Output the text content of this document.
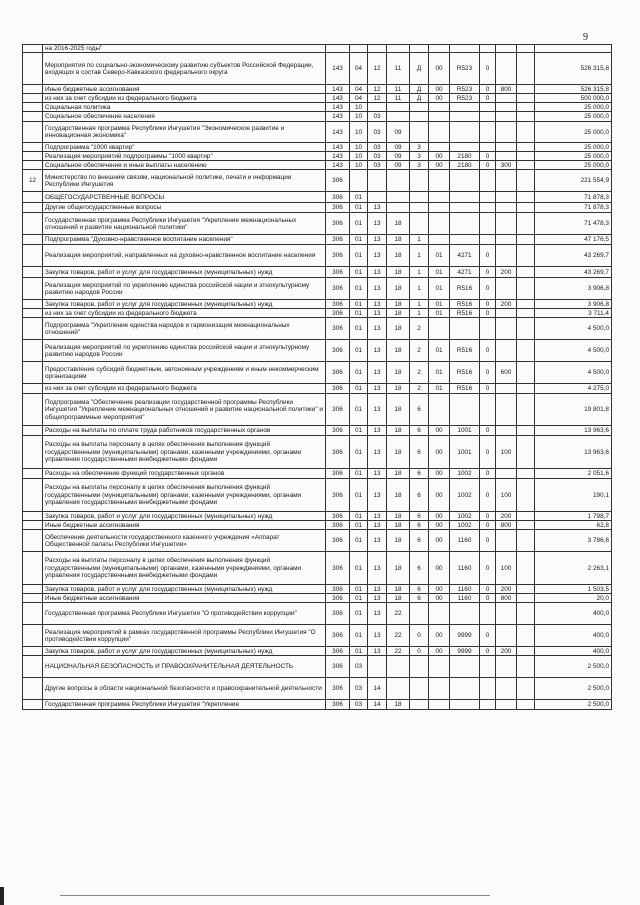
9
	на 2016-2025 годы"											
	Мероприятия по социально-экономическому развитию субъектов Российской Федерации, входящих в состав Северо-Кавказского федерального округа	143	04	12	11	Д	00	R523	0			526 315,8
	Иные бюджетные ассигнования	143	04	12	11	Д	00	R523	0	800		526 315,8
	из них за счет субсидии из федерального бюджета	143	04	12	11	Д	00	R523	0			500 000,0
	Социальная политика	143	10									25 000,0
	Социальное обеспечение населения	143	10	03								25 000,0
	Государственная программа Республики Ингушетия "Экономическое развитие и инновационная экономика"	143	10	03	09							25 000,0
	Подпрограмма "1000 квартир"	143	10	03	09	3						25 000,0
	Реализация мероприятий подпрограммы "1000 квартир"	143	10	03	09	3	00	2180	0			25 000,0
	Социальное обеспечение и иные выплаты населению	143	10	03	09	3	00	2180	0	300		25 000,0
12	Министерство по внешним связям, национальной политике, печати и информации Республики Ингушетия	306										221 554,9
	ОБЩЕГОСУДАРСТВЕННЫЕ ВОПРОСЫ	306	01									71 878,3
	Другие общегосударственные вопросы	306	01	13								71 878,3
	Государственная программа Республики Ингушетия "Укрепление межнациональных отношений и развитие национальной политики"	306	01	13	18							71 478,3
	Подпрограмма "Духовно-нравственное воспитание населения"	306	01	13	18	1						47 176,5
	Реализация мероприятий, направленных на духовно-нравственное воспитание населения	306	01	13	18	1	01	4271	0			43 269,7
	Закупка товаров, работ и услуг для государственных (муниципальных) нужд	306	01	13	18	1	01	4271	0	200		43 269,7
	Реализация мероприятий по укреплению единства российской нации и этнокультурному развитию народов России	306	01	13	18	1	01	R516	0			3 906,8
	Закупка товаров, работ и услуг для государственных (муниципальных) нужд	306	01	13	18	1	01	R516	0	200		3 906,8
	из них за счет субсидии из федерального бюджета	306	01	13	18	1	01	R516	0			3 711,4
	Подпрограмма "Укрепление единства народов и гармонизация межнациональных отношений"	306	01	13	18	2						4 500,0
	Реализация мероприятий по укреплению единства российской нации и этнокультурному развитию народов России	306	01	13	18	2	01	R516	0			4 500,0
	Предоставление субсидий бюджетным, автономным учреждениям и иным некоммерческим организациям	306	01	13	18	2	01	R516	0	600		4 500,0
	из них за счет субсидии из федерального бюджета	306	01	13	18	2	01	R516	0			4 275,0
	Подпрограмма "Обеспечение реализации государственной программы Республики Ингушетия "Укрепление межнациональных отношений и развитие национальной политики" и общепрограммные мероприятия"	306	01	13	18	6						19 801,8
	Расходы на выплаты по оплате труда работников государственных органов	306	01	13	18	6	00	1001	0			13 963,6
	Расходы на выплаты персоналу в целях обеспечения выполнения функций государственными (муниципальными) органами, казенными учреждениями, органами управления государственными внебюджетными фондами	306	01	13	18	6	00	1001	0	100		13 963,6
	Расходы на обеспечение функций государственных органов	306	01	13	18	6	00	1002	0			2 051,6
	Расходы на выплаты персоналу в целях обеспечения выполнения функций государственными (муниципальными) органами, казенными учреждениями, органами управления государственными внебюджетными фондами	306	01	13	18	6	00	1002	0	100		190,1
	Закупка товаров, работ и услуг для государственных (муниципальных) нужд	306	01	13	18	6	00	1002	0	200		1 798,7
	Иные бюджетные ассигнования	306	01	13	18	6	00	1002	0	800		62,8
	Обеспечение деятельности государственного казенного учреждения «Аппарат Общественной палаты Республики Ингушетия»	306	01	13	18	6	00	1160	0			3 786,6
	Расходы на выплаты персоналу в целях обеспечения выполнения функций государственными (муниципальными) органами, казенными учреждениями, органами управления государственными внебюджетными фондами	306	01	13	18	6	00	1160	0	100		2 263,1
	Закупка товаров, работ и услуг для государственных (муниципальных) нужд	306	01	13	18	6	00	1160	0	200		1 503,5
	Иные бюджетные ассигнования	306	01	13	18	6	00	1160	0	800		20,0
	Государственная программа Республики Ингушетия "О противодействии коррупции"	306	01	13	22							400,0
	Реализация мероприятий в рамках государственной программы Республики Ингушетия "О противодействии коррупции"	306	01	13	22	0	00	9999	0			400,0
	Закупка товаров, работ и услуг для государственных (муниципальных) нужд	306	01	13	22	0	00	9999	0	200		400,0
	НАЦИОНАЛЬНАЯ БЕЗОПАСНОСТЬ И ПРАВООХРАНИТЕЛЬНАЯ ДЕЯТЕЛЬНОСТЬ	306	03									2 500,0
	Другие вопросы в области национальной безопасности и правоохранительной деятельности	306	03	14								2 500,0
	Государственная программа Республики Ингушетия "Укрепление	306	03	14	18							2 500,0
